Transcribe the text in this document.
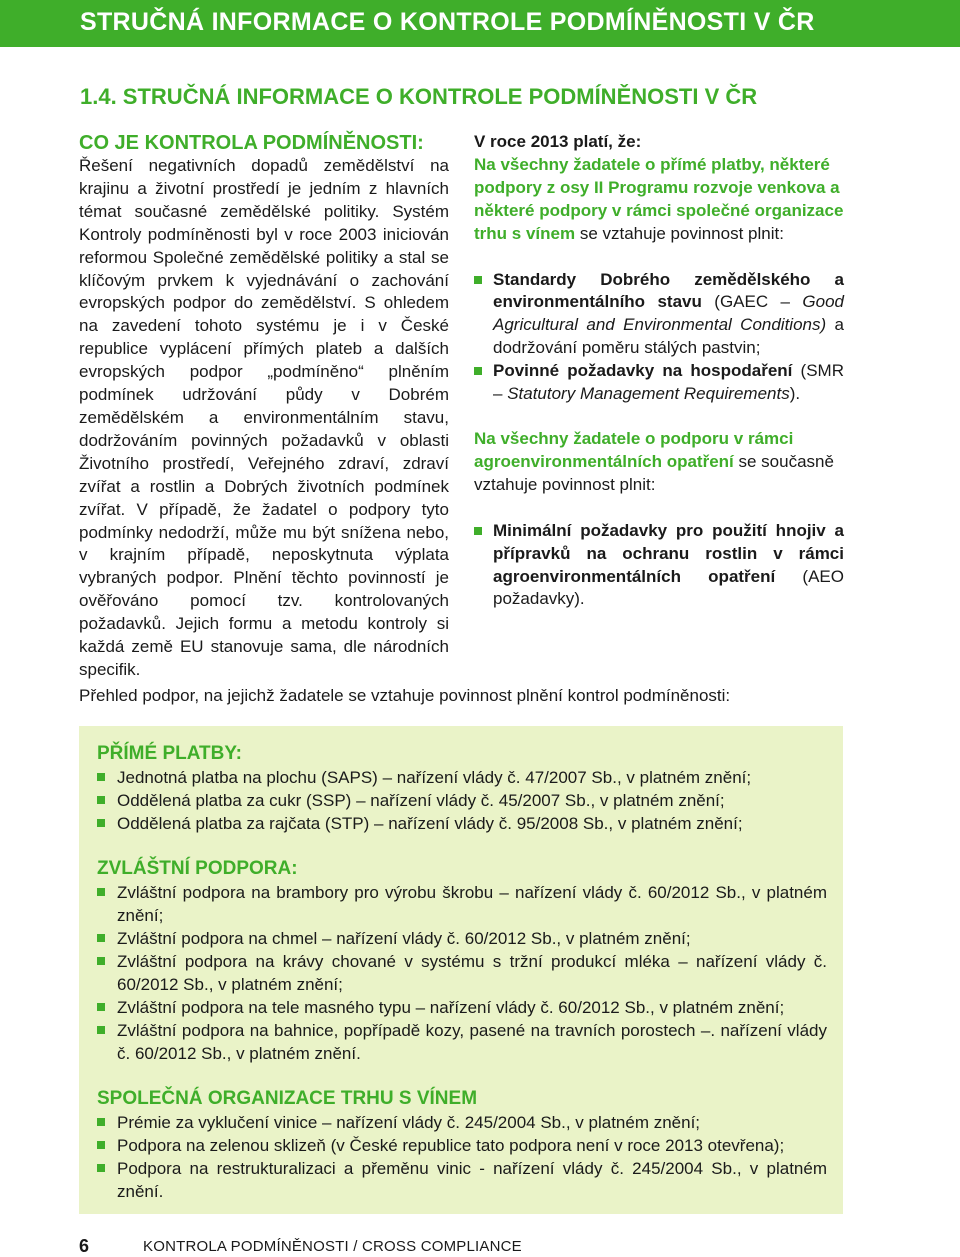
STRUČNÁ INFORMACE O KONTROLE PODMÍNĚNOSTI V ČR
1.4. STRUČNÁ INFORMACE O KONTROLE PODMÍNĚNOSTI V ČR

CO JE KONTROLA PODMÍNĚNOSTI:

Řešení negativních dopadů zemědělství na krajinu a životní prostředí je jedním z hlavních témat současné zemědělské politiky. Systém Kontroly podmíněnosti byl v roce 2003 iniciován reformou Společné zemědělské politiky a stal se klíčovým prvkem k vyjednávání o zachování evropských podpor do zemědělství. S ohledem na zavedení tohoto systému je i v České republice vyplácení přímých plateb a dalších evropských podpor „podmíněno“ plněním podmínek udržování půdy v Dobrém zemědělském a environmentálním stavu, dodržováním povinných požadavků v oblasti Životního prostředí, Veřejného zdraví, zdraví zvířat a rostlin a Dobrých životních podmínek zvířat. V případě, že žadatel o podpory tyto podmínky nedodrží, může mu být snížena nebo, v krajním případě, neposkytnuta výplata vybraných podpor. Plnění těchto povinností je ověřováno pomocí tzv. kontrolovaných požadavků. Jejich formu a metodu kontroly si každá země EU stanovuje sama, dle národních specifik.

V roce 2013 platí, že:

Na všechny žadatele o přímé platby, některé podpory z osy II Programu rozvoje venkova a některé podpory v rámci společné organizace trhu s vínem se vztahuje povinnost plnit:

Standardy Dobrého zemědělského a environmentálního stavu (GAEC – Good Agricultural and Environmental Conditions) a dodržování poměru stálých pastvin;
Povinné požadavky na hospodaření (SMR – Statutory Management Requirements).

Na všechny žadatele o podporu v rámci agroenvironmentálních opatření se současně vztahuje povinnost plnit:

Minimální požadavky pro použití hnojiv a přípravků na ochranu rostlin v rámci agroenvironmentálních opatření (AEO požadavky).
Přehled podpor, na jejichž žadatele se vztahuje povinnost plnění kontrol podmíněnosti:
PŘÍMÉ PLATBY:
Jednotná platba na plochu (SAPS) – nařízení vlády č. 47/2007 Sb., v platném znění;
Oddělená platba za cukr (SSP) – nařízení vlády č. 45/2007 Sb., v platném znění;
Oddělená platba za rajčata (STP) – nařízení vlády č. 95/2008 Sb., v platném znění;
ZVLÁŠTNÍ PODPORA:
Zvláštní podpora na brambory pro výrobu škrobu – nařízení vlády č. 60/2012 Sb., v platném znění;
Zvláštní podpora na chmel – nařízení vlády č. 60/2012 Sb., v platném znění;
Zvláštní podpora na krávy chované v systému s tržní produkcí mléka – nařízení vlády č. 60/2012 Sb., v platném znění;
Zvláštní podpora na tele masného typu – nařízení vlády č. 60/2012 Sb., v platném znění;
Zvláštní podpora na bahnice, popřípadě kozy, pasené na travních porostech –. nařízení vlády č. 60/2012 Sb., v platném znění.
SPOLEČNÁ ORGANIZACE TRHU S VÍNEM
Prémie za vyklučení vinice – nařízení vlády č. 245/2004 Sb., v platném znění;
Podpora na zelenou sklizeň (v České republice tato podpora není v roce 2013 otevřena);
Podpora na restrukturalizaci a přeměnu vinic - nařízení vlády č. 245/2004 Sb., v platném znění.
6	KONTROLA PODMÍNĚNOSTI / CROSS COMPLIANCE
